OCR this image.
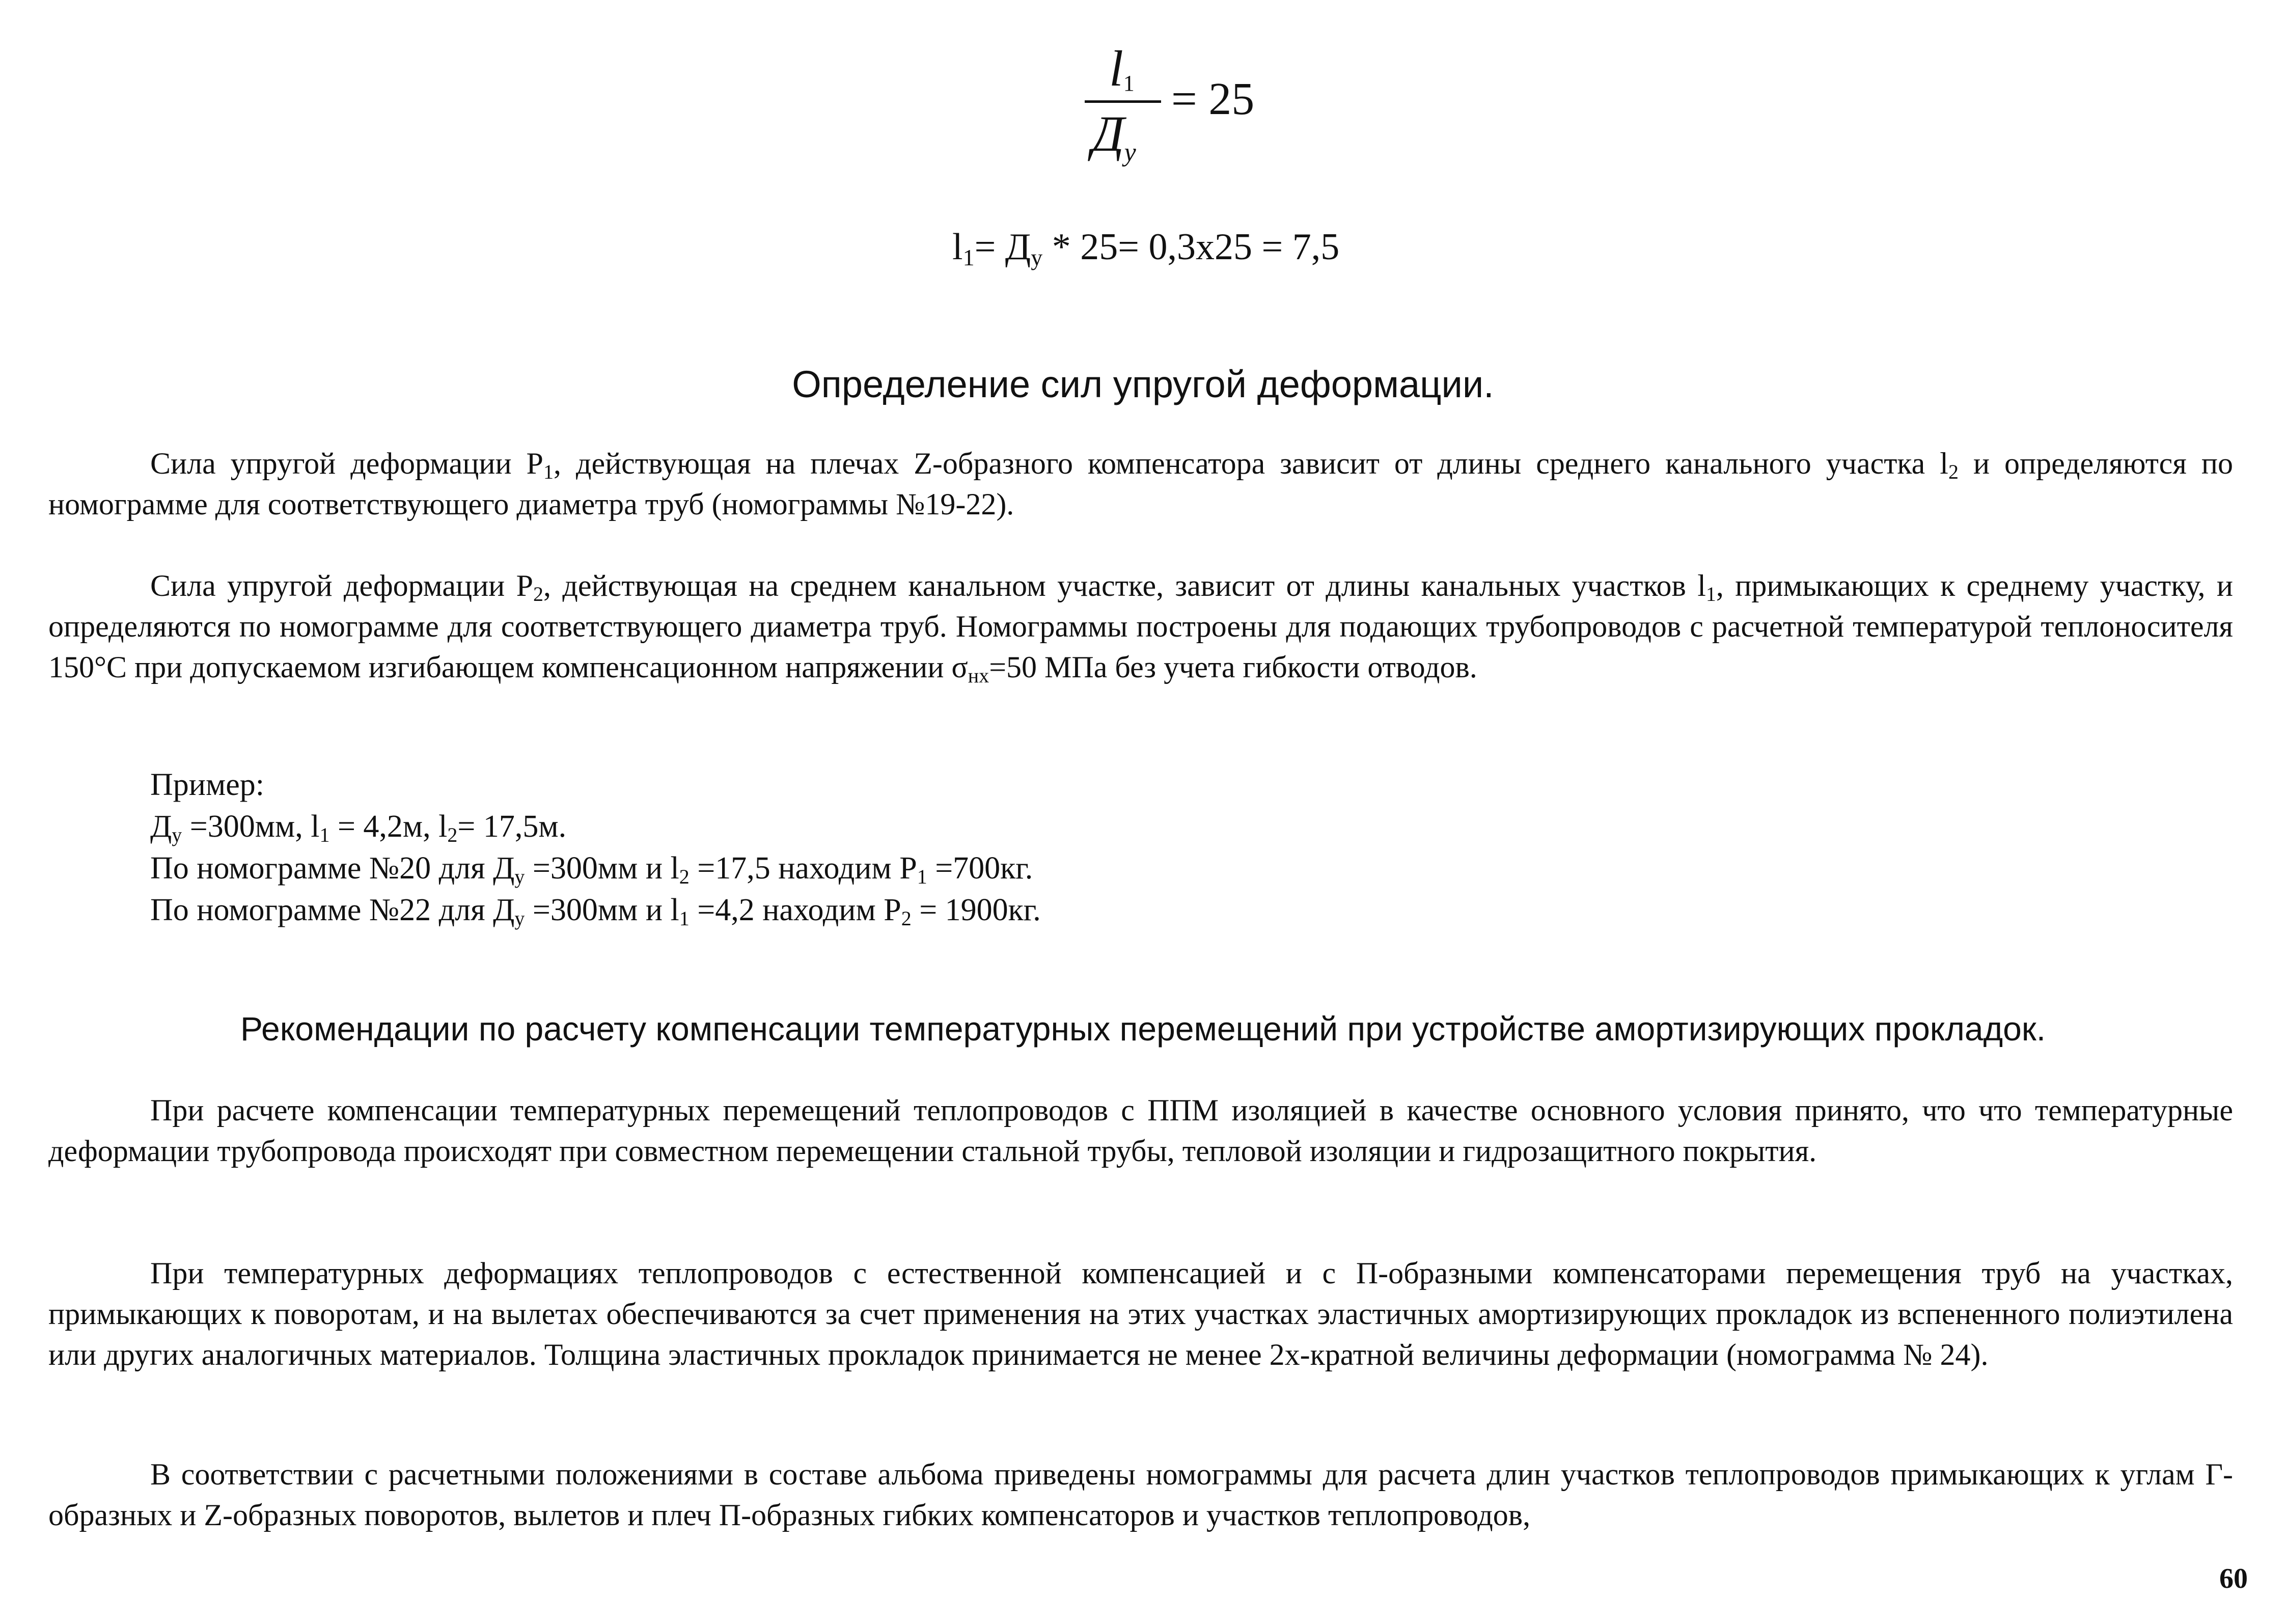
$l_1$
$Д_у$
= 25
$l_1= Д_у * 25= 0,3x25 = 7,5$
Определение сил упругой деформации.
Сила упругой деформации $Р_1$, действующая на плечах Z-образного компенсатора зависит от длины среднего канального участка $l_2$ и определяются по номограмме для соответствующего диаметра труб (номограммы №19-22).
Сила упругой деформации $Р_2$, действующая на среднем канальном участке, зависит от длины канальных участков $l_1$, примыкающих к среднему участку, и определяются по номограмме для соответствующего диаметра труб. Номограммы построены для подающих трубопроводов с расчетной температурой теплоносителя 150°С при допускаемом изгибающем компенсационном напряжении $\sigma_{нх}=50$ МПа без учета гибкости отводов.
Пример:
$Д_у =300мм$, $l_1 = 4,2м$, $l_2= 17,5м$.
По номограмме №20 для $Д_у =300мм$ и $l_2 =17,5$ находим $Р_1 =700кг$.
По номограмме №22 для $Д_у =300мм$ и $l_1 =4,2$ находим $Р_2 = 1900кг$.
Рекомендации по расчету компенсации температурных перемещений при устройстве амортизирующих прокладок.
При расчете компенсации температурных перемещений теплопроводов с ППМ изоляцией в качестве основного условия принято, что что температурные деформации трубопровода происходят при совместном перемещении стальной трубы, тепловой изоляции и гидрозащитного покрытия.
При температурных деформациях теплопроводов с естественной компенсацией и с П-образными компенсаторами перемещения труб на участках, примыкающих к поворотам, и на вылетах обеспечиваются за счет применения на этих участках эластичных амортизирующих прокладок из вспененного полиэтилена или других аналогичных материалов. Толщина эластичных прокладок принимается не менее 2х-кратной величины деформации (номограмма № 24).
В соответствии с расчетными положениями в составе альбома приведены номограммы для расчета длин участков теплопроводов примыкающих к углам Г-образных и Z-образных поворотов, вылетов и плеч П-образных гибких компенсаторов и участков теплопроводов,
60
